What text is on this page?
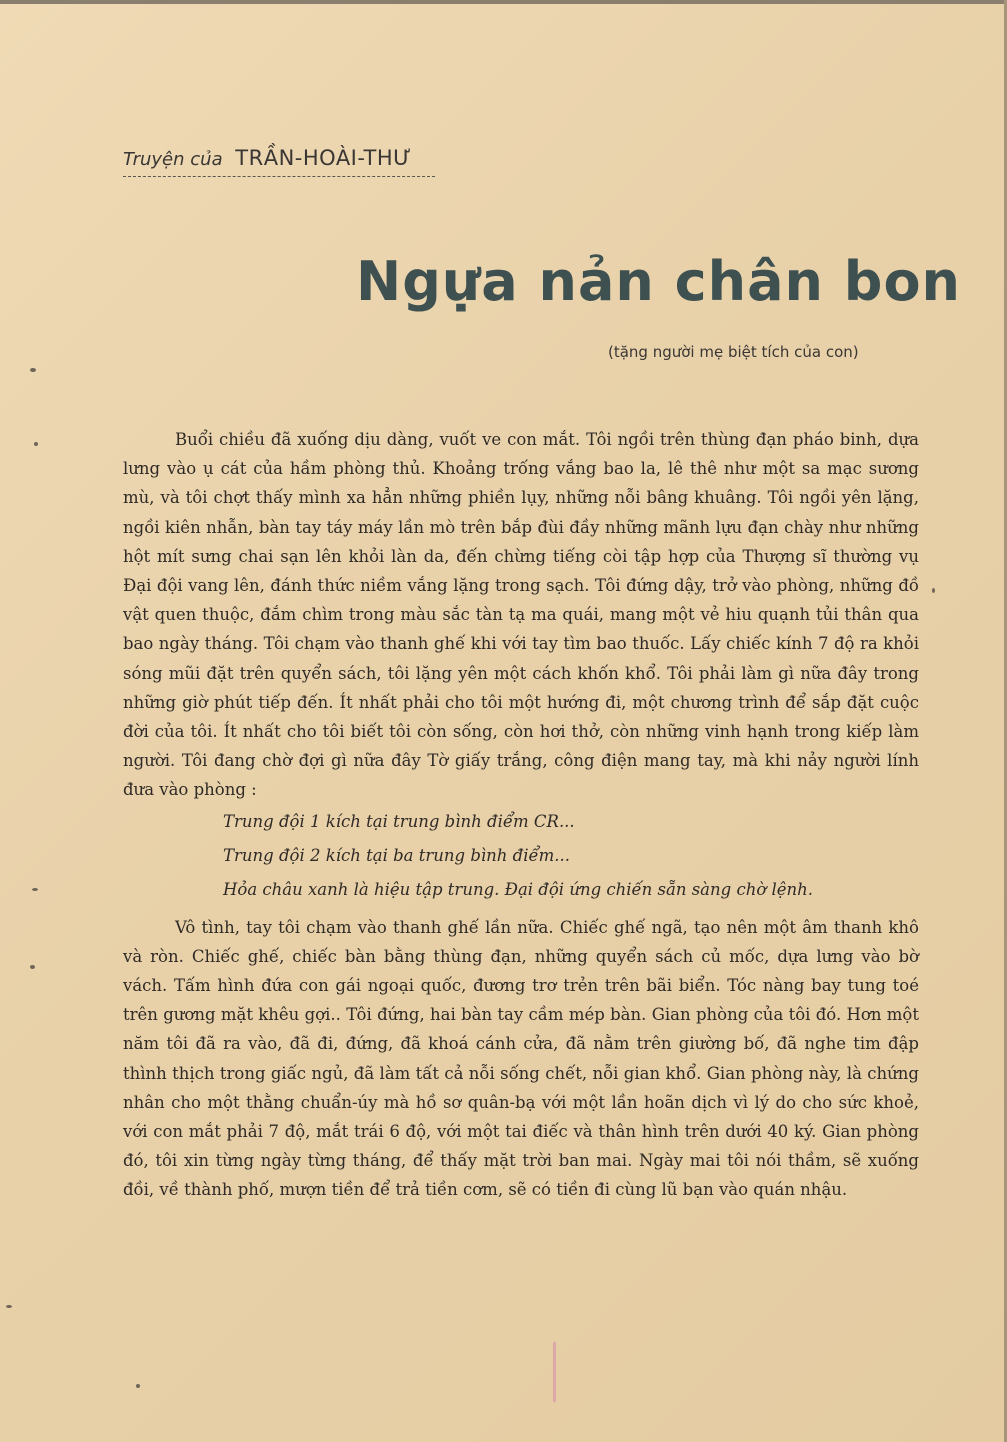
Truyện của TRẦN-HOÀI-THƯ
Ngựa nản chân bon
(tặng người mẹ biệt tích của con)

Buổi chiều đã xuống dịu dàng, vuốt ve con mắt. Tôi ngồi trên thùng đạn pháo binh, dựa lưng vào ụ cát của hầm phòng thủ. Khoảng trống vắng bao la, lê thê như một sa mạc sương mù, và tôi chợt thấy mình xa hẳn những phiền lụy, những nỗi bâng khuâng. Tôi ngồi yên lặng, ngồi kiên nhẫn, bàn tay táy máy lần mò trên bắp đùi đầy những mãnh lựu đạn chày như những hột mít sưng chai sạn lên khỏi làn da, đến chừng tiếng còi tập hợp của Thượng sĩ thường vụ Đại đội vang lên, đánh thức niềm vắng lặng trong sạch. Tôi đứng dậy, trở vào phòng, những đồ vật quen thuộc, đắm chìm trong màu sắc tàn tạ ma quái, mang một vẻ hiu quạnh tủi thân qua bao ngày tháng. Tôi chạm vào thanh ghế khi với tay tìm bao thuốc. Lấy chiếc kính 7 độ ra khỏi sóng mũi đặt trên quyển sách, tôi lặng yên một cách khốn khổ. Tôi phải làm gì nữa đây trong những giờ phút tiếp đến. Ít nhất phải cho tôi một hướng đi, một chương trình để sắp đặt cuộc đời của tôi. Ít nhất cho tôi biết tôi còn sống, còn hơi thở, còn những vinh hạnh trong kiếp làm người. Tôi đang chờ đợi gì nữa đây Tờ giấy trắng, công điện mang tay, mà khi nảy người lính đưa vào phòng :

Trung đội 1 kích tại trung bình điểm CR...

Trung đội 2 kích tại ba trung bình điểm...

Hỏa châu xanh là hiệu tập trung. Đại đội ứng chiến sẵn sàng chờ lệnh.

Vô tình, tay tôi chạm vào thanh ghế lần nữa. Chiếc ghế ngã, tạo nên một âm thanh khô và ròn. Chiếc ghế, chiếc bàn bằng thùng đạn, những quyển sách củ mốc, dựa lưng vào bờ vách. Tấm hình đứa con gái ngoại quốc, đương trơ trẻn trên bãi biển. Tóc nàng bay tung toé trên gương mặt khêu gợi.. Tôi đứng, hai bàn tay cầm mép bàn. Gian phòng của tôi đó. Hơn một năm tôi đã ra vào, đã đi, đứng, đã khoá cánh cửa, đã nằm trên giường bố, đã nghe tim đập thình thịch trong giấc ngủ, đã làm tất cả nỗi sống chết, nỗi gian khổ. Gian phòng này, là chứng nhân cho một thằng chuẩn-úy mà hồ sơ quân-bạ với một lần hoãn dịch vì lý do cho sức khoẻ, với con mắt phải 7 độ, mắt trái 6 độ, với một tai điếc và thân hình trên dưới 40 ký. Gian phòng đó, tôi xin từng ngày từng tháng, để thấy mặt trời ban mai. Ngày mai tôi nói thầm, sẽ xuống đồi, về thành phố, mượn tiền để trả tiền cơm, sẽ có tiền đi cùng lũ bạn vào quán nhậu.
